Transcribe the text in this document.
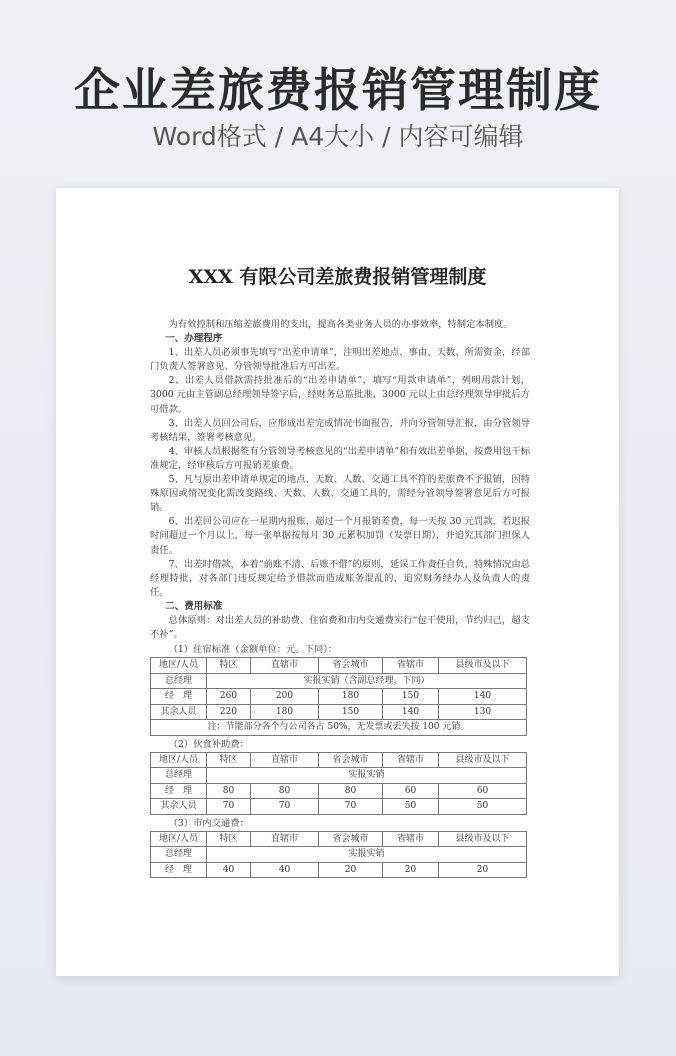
企业差旅费报销管理制度
Word格式 / A4大小 / 内容可编辑
XXX 有限公司差旅费报销管理制度

为有效控制和压缩差旅费用的支出，提高各类业务人员的办事效率，特制定本制度。

一、办理程序

1、出差人员必须事先填写“出差申请单”，注明出差地点、事由、天数、所需资金，经部门负责人签署意见、分管领导批准后方可出差。

2、出差人员借款需持批准后的“出差申请单”，填写“用款申请单”，列明用款计划，3000 元由主管副总经理领导签字后，经财务总监批准，3000 元以上由总经理领导审批后方可借款。

3、出差人员回公司后，应形成出差完成情况书面报告，并向分管领导汇报，由分管领导考核结果，签署考核意见。

4、审核人员根据签有分管领导考核意见的“出差申请单”和有效出差单据，按费用包干标准规定，经审核后方可报销差旅费。

5、凡与原出差申请单规定的地点、天数、人数、交通工具不符的差旅费不予报销，因特殊原因或情况变化需改变路线、天数、人数、交通工具的，需经分管领导签署意见后方可报销。

6、出差回公司应在一星期内报账，超过一个月报销差费，每一天按 30 元罚款，若迟报时间超过一个月以上，每一张单据按每月 30 元累积加罚（发票日期），并追究其部门担保人责任。

7、出差时借款，本着“前账不清、后账不借”的原则，延误工作责任自负，特殊情况由总经理特批，对各部门违反规定给予借款而造成账务混乱的，追究财务经办人及负责人的责任。

二、费用标准

总体原则：对出差人员的补助费、住宿费和市内交通费实行“包干使用，节约归己，超支不补”。

（1）住宿标准（金额单位：元。下同）：
地区/人员	特区	直辖市	省会城市	省辖市	县级市及以下
总经理	实报实销（含副总经理，下同）				
经　理	260	200	180	150	140
其余人员	220	180	150	140	130
注：节能部分各个与公司各占 50%，无发票或丢失按 100 元销。					
（2）伙食补助费：
地区/人员	特区	直辖市	省会城市	省辖市	县级市及以下
总经理	实报实销				
经　理	80	80	80	60	60
其余人员	70	70	70	50	50
（3）市内交通费：
地区/人员	特区	直辖市	省会城市	省辖市	县级市及以下
总经理	实报实销				
经　理	40	40	20	20	20
